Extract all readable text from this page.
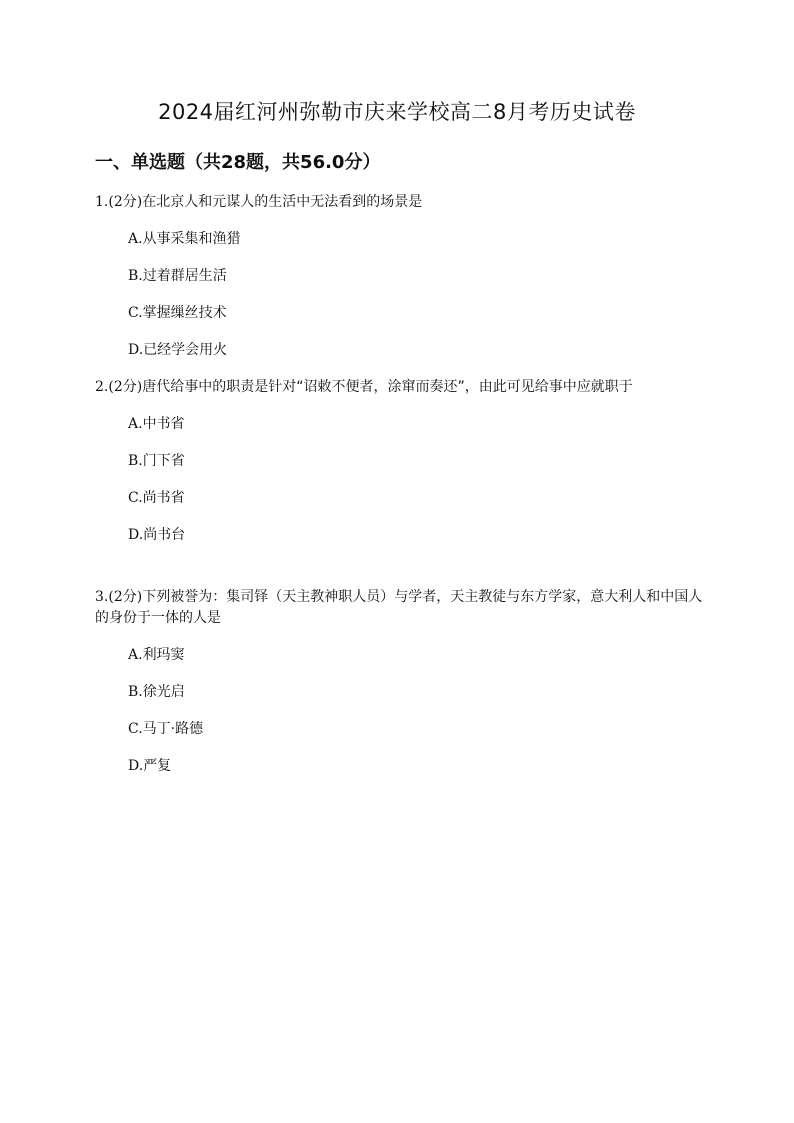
2024届红河州弥勒市庆来学校高二8月考历史试卷
一、单选题（共28题，共56.0分）

1.(2分)在北京人和元谋人的生活中无法看到的场景是

A.从事采集和渔猎
B.过着群居生活
C.掌握缫丝技术
D.已经学会用火

2.(2分)唐代给事中的职责是针对“诏敕不便者，涂窜而奏还”，由此可见给事中应就职于

A.中书省
B.门下省
C.尚书省
D.尚书台

3.(2分)下列被誉为：集司铎（天主教神职人员）与学者，天主教徒与东方学家，意大利人和中国人的身份于一体的人是

A.利玛窦
B.徐光启
C.马丁·路德
D.严复
